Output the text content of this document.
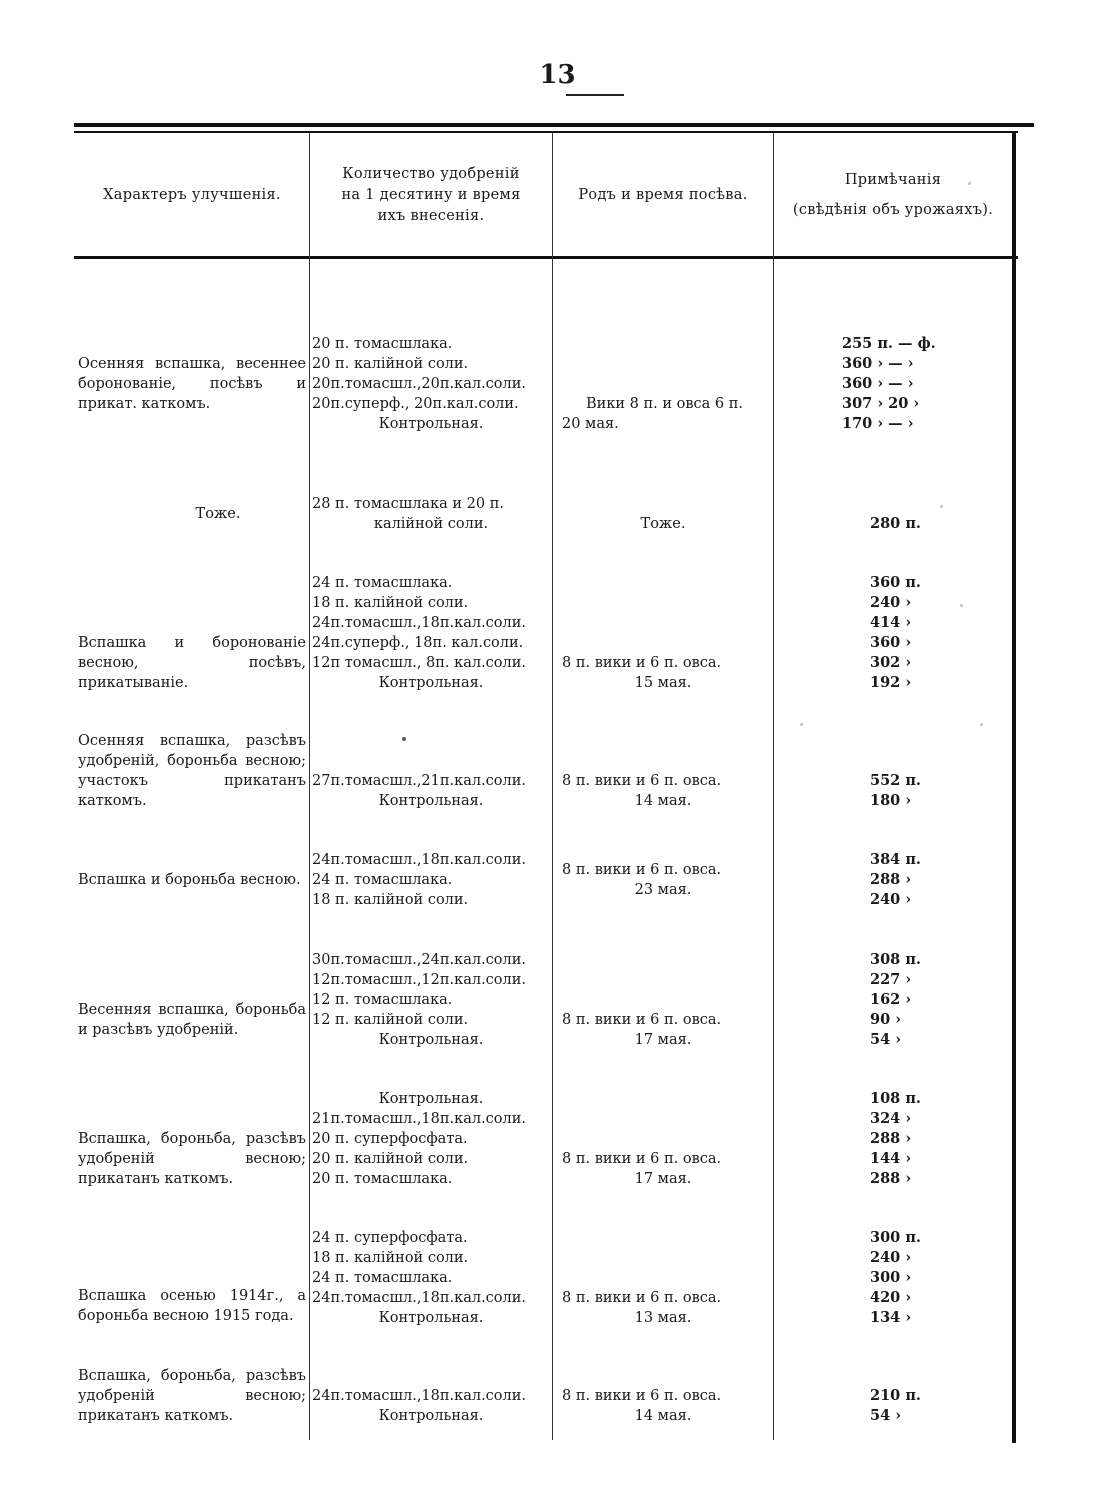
13
Характеръ улучшенія.
Количество удобреній
на 1 десятину и время
ихъ внесенія.
Родъ и время посѣва.
Примѣчанія
(свѣдѣнія объ урожаяхъ).
Осенняя вспашка, весеннее боронованіе, посѣвъ и прикат. каткомъ.
20 п. томасшлака.
20 п. калійной соли.
20п.томасшл.,20п.кал.соли.
20п.суперф., 20п.кал.соли.
Контрольная.
Вики 8 п. и овса 6 п.
20 мая.
255 п. — ф.
360 › — ›
360 › — ›
307 › 20 ›
170 › — ›
Тоже.
28 п. томасшлака и 20 п.
калійной соли.	Тоже.	280 п.
Вспашка и боронованіе весною, посѣвъ, прикатываніе.
24 п. томасшлака.
18 п. калійной соли.
24п.томасшл.,18п.кал.соли.
24п.суперф., 18п. кал.соли.
12п томасшл., 8п. кал.соли.
Контрольная.
8 п. вики и 6 п. овса.
15 мая.
360 п.
240 ›
414 ›
360 ›
302 ›
192 ›
Осенняя вспашка, разсѣвъ удобреній, бороньба весною; участокъ прикатанъ каткомъ.
27п.томасшл.,21п.кал.соли.
Контрольная.
8 п. вики и 6 п. овса.
14 мая.
552 п.
180 ›
Вспашка и бороньба весною.
24п.томасшл.,18п.кал.соли.
24 п. томасшлака.
18 п. калійной соли.
8 п. вики и 6 п. овса.
23 мая.
384 п.
288 ›
240 ›
Весенняя вспашка, бороньба и разсѣвъ удобреній.
30п.томасшл.,24п.кал.соли.
12п.томасшл.,12п.кал.соли.
12 п. томасшлака.
12 п. калійной соли.
Контрольная.
8 п. вики и 6 п. овса.
17 мая.
308 п.
227 ›
162 ›
90 ›
54 ›
Вспашка, бороньба, разсѣвъ удобреній весною; прикатанъ каткомъ.
Контрольная.
21п.томасшл.,18п.кал.соли.
20 п. суперфосфата.
20 п. калійной соли.
20 п. томасшлака.
8 п. вики и 6 п. овса.
17 мая.
108 п.
324 ›
288 ›
144 ›
288 ›
Вспашка осенью 1914г., а бороньба весною 1915 года.
24 п. суперфосфата.
18 п. калійной соли.
24 п. томасшлака.
24п.томасшл.,18п.кал.соли.
Контрольная.
8 п. вики и 6 п. овса.
13 мая.
300 п.
240 ›
300 ›
420 ›
134 ›
Вспашка, бороньба, разсѣвъ удобреній весною; прикатанъ каткомъ.
24п.томасшл.,18п.кал.соли.
Контрольная.
8 п. вики и 6 п. овса.
14 мая.
210 п.
54 ›
